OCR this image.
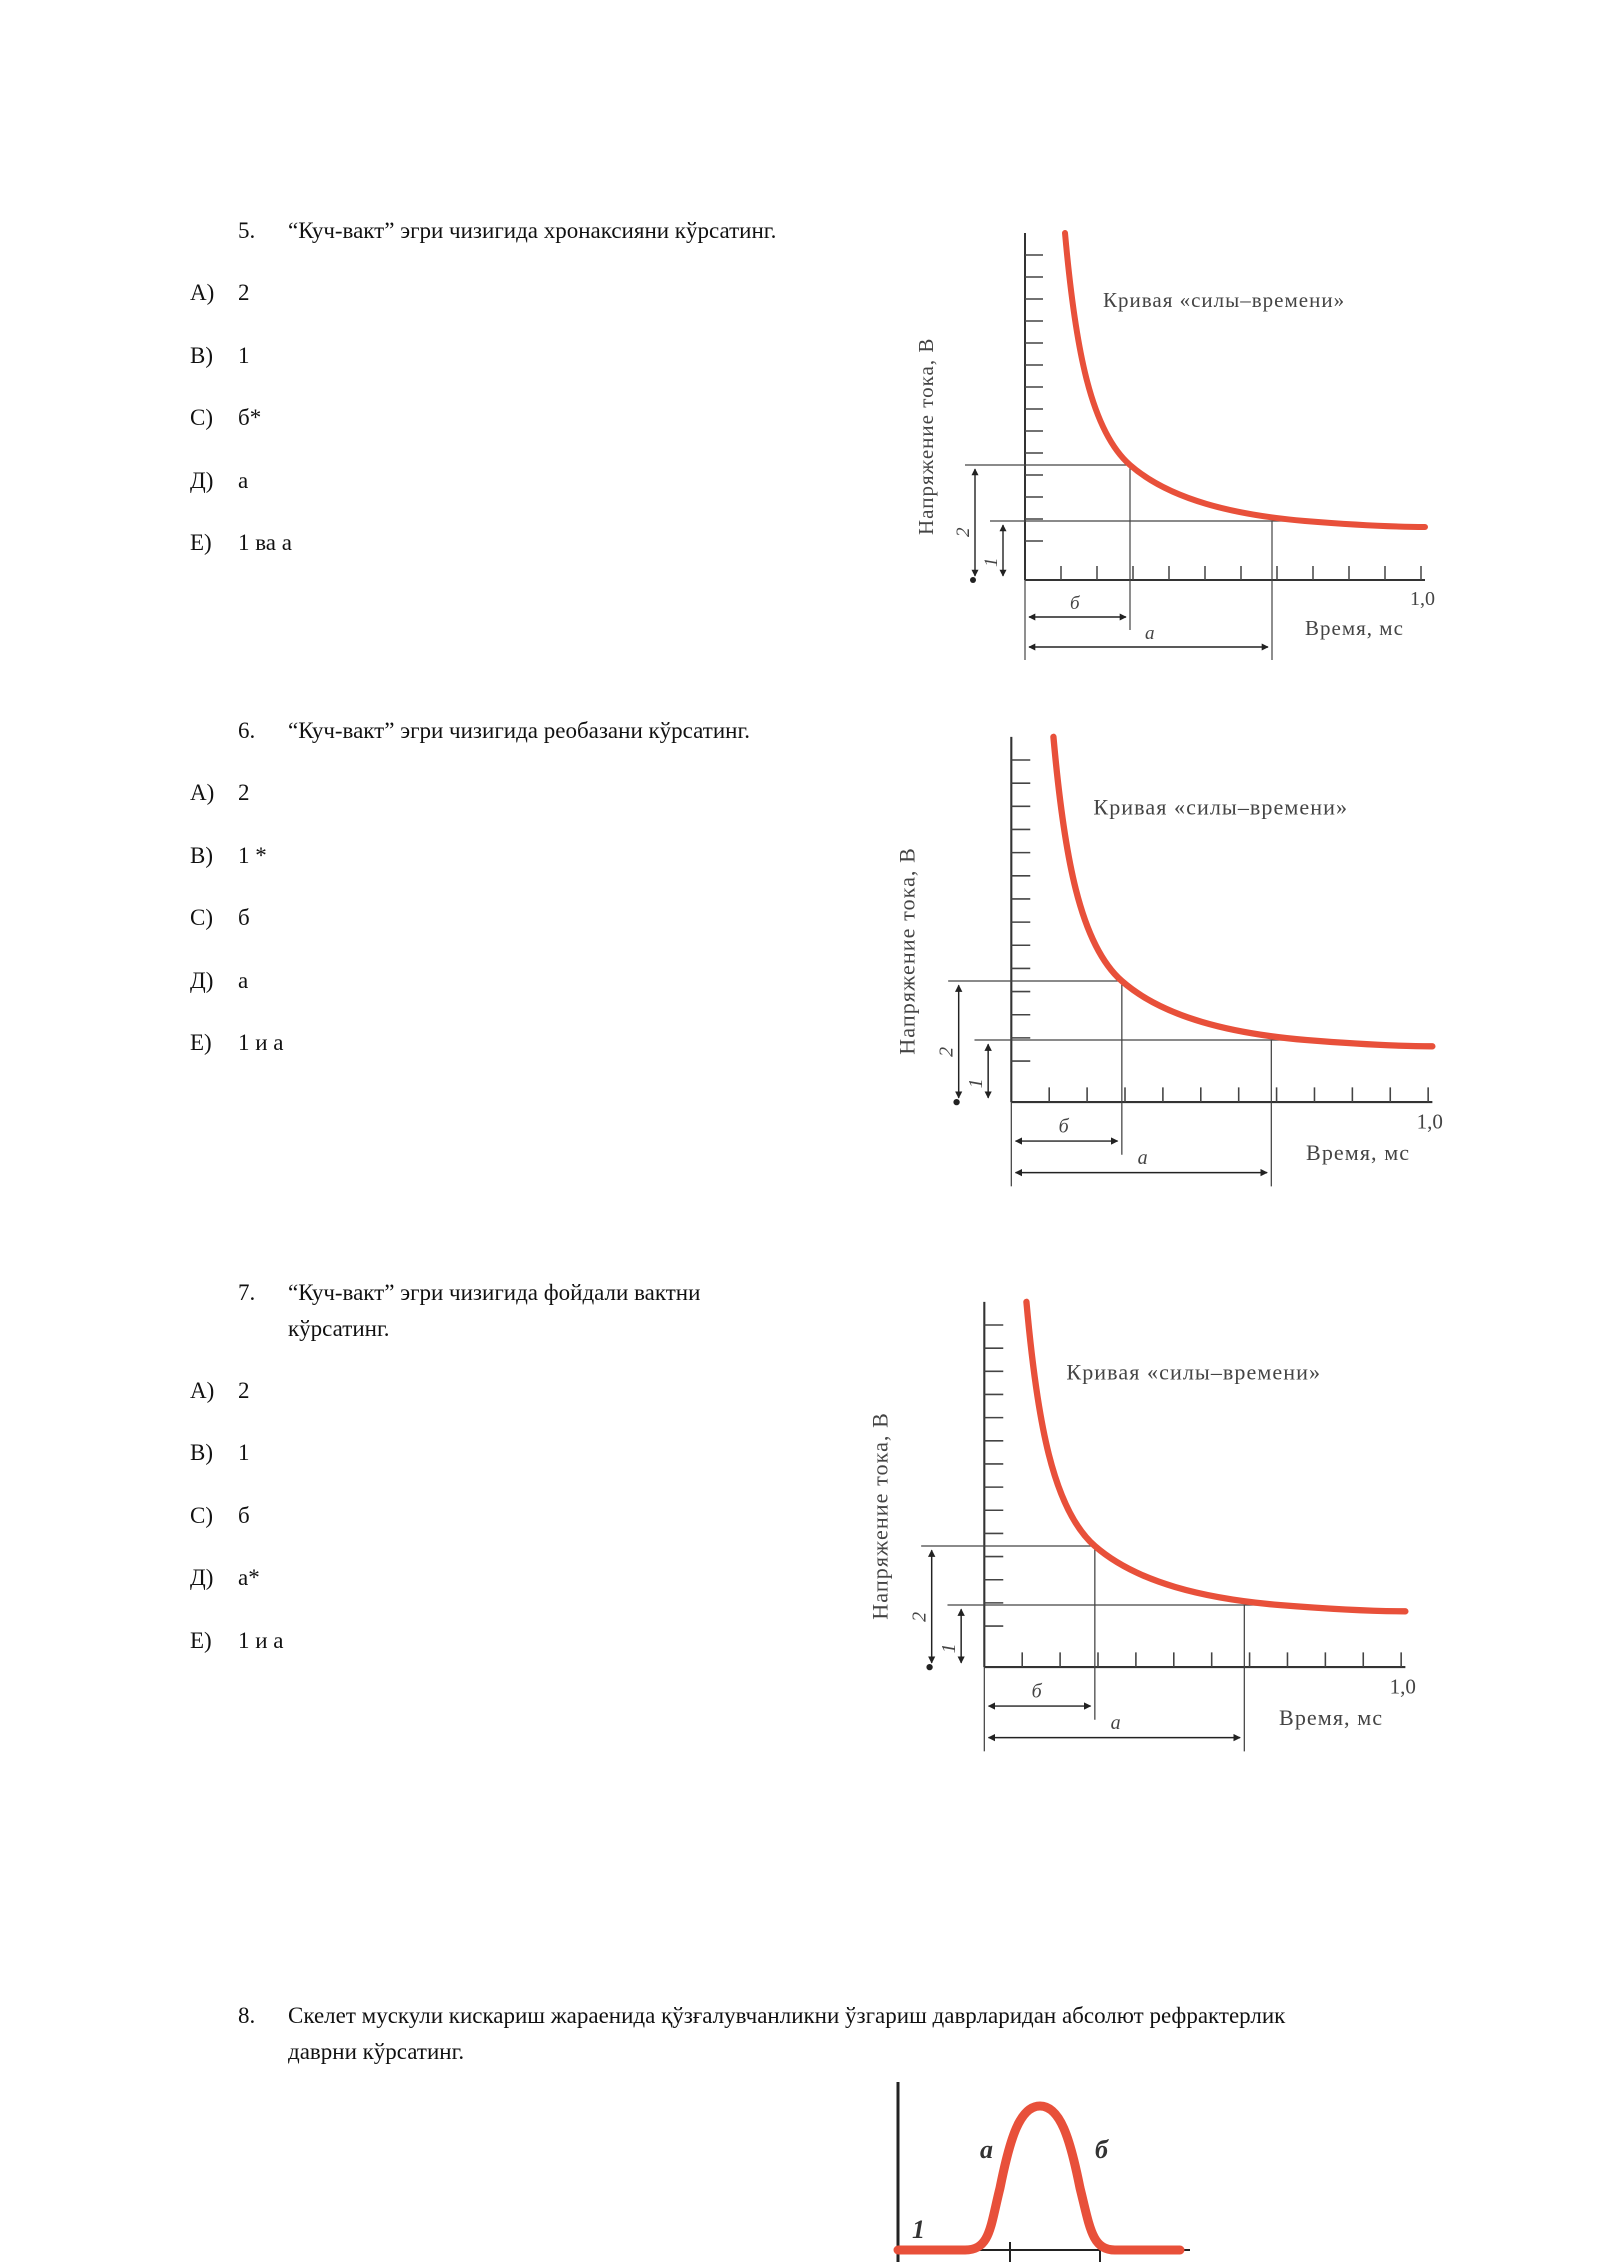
5. “Куч-вакт” эгри чизигида хронаксияни кўрсатинг.
A) 2
B) 1
C) б*
Д) а
E) 1 ва а
Кривая «силы–времени»
Напряжение тока, В
Время, мс
1,0
б
а
1
2
6. “Куч-вакт” эгри чизигида реобазани кўрсатинг.
A) 2
B) 1 *
C) б
Д) а
E) 1 и а
Кривая «силы–времени»
Напряжение тока, В
Время, мс
1,0
б
а
1
2
7. “Куч-вакт” эгри чизигида фойдали вактни
кўрсатинг.
A) 2
B) 1
C) б
Д) а*
E) 1 и а
Кривая «силы–времени»
Напряжение тока, В
Время, мс
1,0
б
а
1
2
8. Скелет мускули кискариш жараенида қўзғалувчанликни ўзгариш даврларидан абсолют рефрактерлик
даврни кўрсатинг.
а	б
1
